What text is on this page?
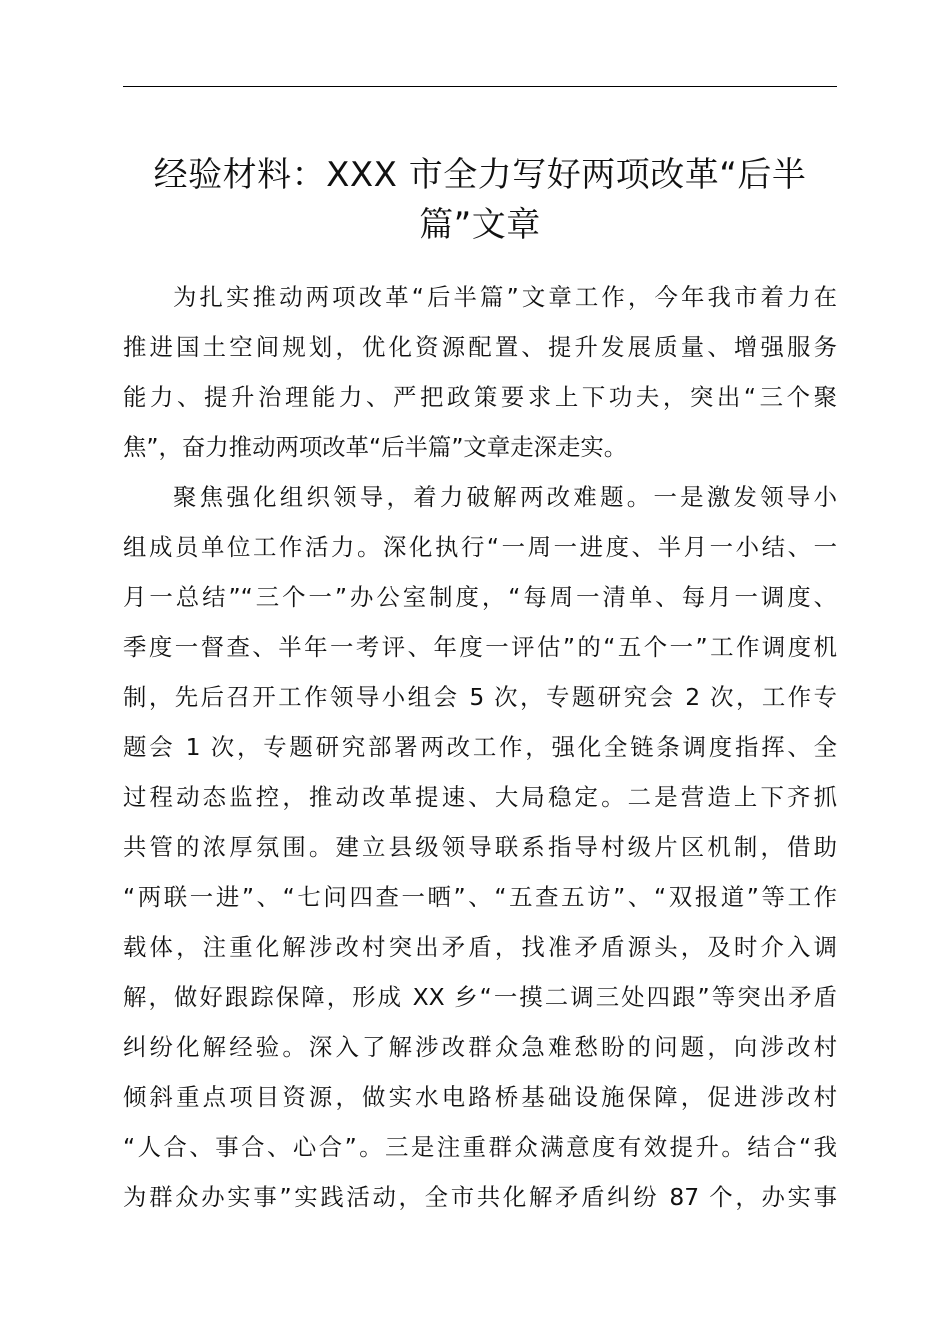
经验材料：XXX 市全力写好两项改革“后半
篇”文章
为扎实推动两项改革“后半篇”文章工作，今年我市着力在
推进国土空间规划，优化资源配置、提升发展质量、增强服务
能力、提升治理能力、严把政策要求上下功夫，突出“三个聚
焦”，奋力推动两项改革“后半篇”文章走深走实。
聚焦强化组织领导，着力破解两改难题。一是激发领导小
组成员单位工作活力。深化执行“一周一进度、半月一小结、一
月一总结”“三个一”办公室制度，“每周一清单、每月一调度、
季度一督查、半年一考评、年度一评估”的“五个一”工作调度机
制，先后召开工作领导小组会 5 次，专题研究会 2 次，工作专
题会 1 次，专题研究部署两改工作，强化全链条调度指挥、全
过程动态监控，推动改革提速、大局稳定。二是营造上下齐抓
共管的浓厚氛围。建立县级领导联系指导村级片区机制，借助
“两联一进”、“七问四查一晒”、“五查五访”、“双报道”等工作
载体，注重化解涉改村突出矛盾，找准矛盾源头，及时介入调
解，做好跟踪保障，形成 XX 乡“一摸二调三处四跟”等突出矛盾
纠纷化解经验。深入了解涉改群众急难愁盼的问题，向涉改村
倾斜重点项目资源，做实水电路桥基础设施保障，促进涉改村
“人合、事合、心合”。三是注重群众满意度有效提升。结合“我
为群众办实事”实践活动，全市共化解矛盾纠纷 87 个，办实事
